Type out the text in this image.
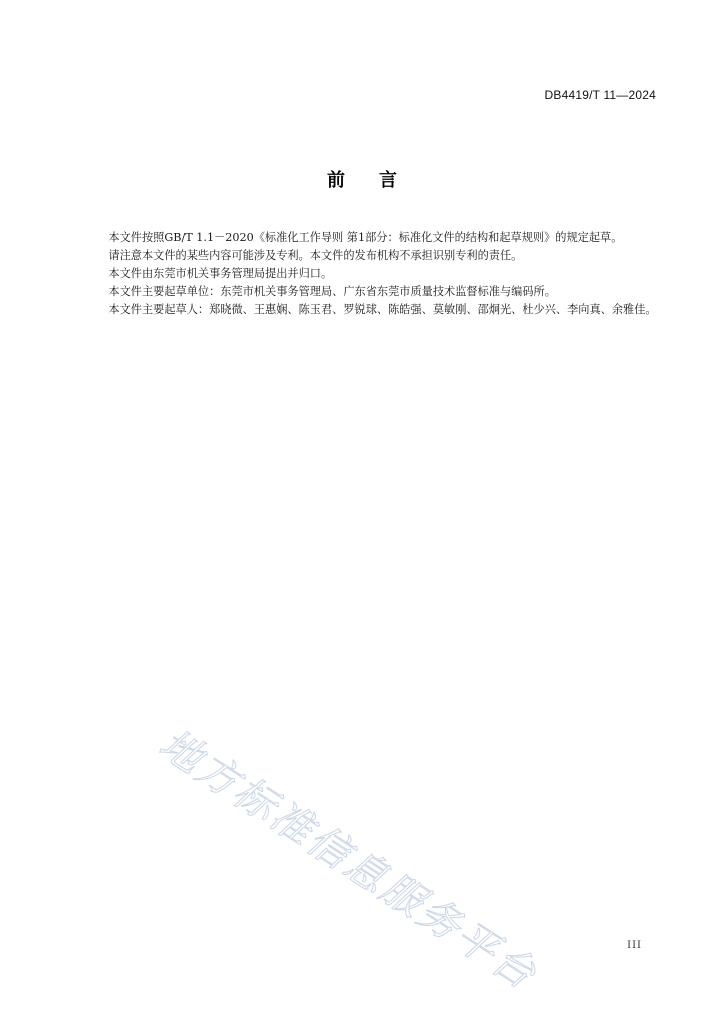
DB4419/T 11—2024
前 言

本文件按照GB/T 1.1－2020《标准化工作导则 第1部分：标准化文件的结构和起草规则》的规定起草。

请注意本文件的某些内容可能涉及专利。本文件的发布机构不承担识别专利的责任。

本文件由东莞市机关事务管理局提出并归口。

本文件主要起草单位：东莞市机关事务管理局、广东省东莞市质量技术监督标准与编码所。

本文件主要起草人：郑晓微、王惠娴、陈玉君、罗锐球、陈皓强、莫敏刚、邵炯光、杜少兴、李向真、余雅佳。

地方标准信息服务平台	III
